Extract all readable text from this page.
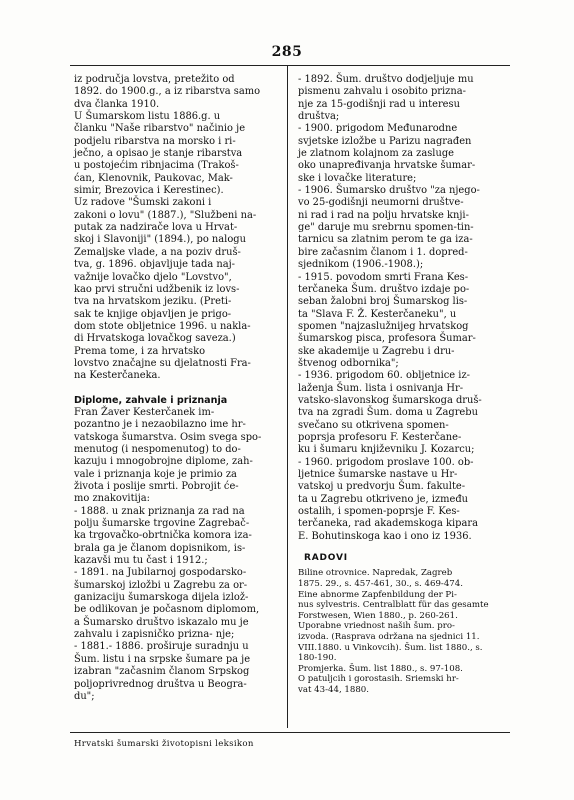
285
iz područja lovstva, pretežito od
1892. do 1900.g., a iz ribarstva samo
dva članka 1910.
U Šumarskom listu 1886.g. u
članku "Naše ribarstvo" načinio je
podjelu ribarstva na morsko i ri-
ječno, a opisao je stanje ribarstva
u postojećim ribnjacima (Trakoš-
ćan, Klenovnik, Paukovac, Mak-
simir, Brezovica i Kerestinec).
Uz radove "Šumski zakoni i
zakoni o lovu" (1887.), "Službeni na-
putak za nadzirače lova u Hrvat-
skoj i Slavoniji" (1894.), po nalogu
Zemaljske vlade, a na poziv druš-
tva, g. 1896. objavljuje tada naj-
važnije lovačko djelo "Lovstvo",
kao prvi stručni udžbenik iz lovs-
tva na hrvatskom jeziku. (Preti-
sak te knjige objavljen je prigo-
dom stote obljetnice 1996. u nakla-
di Hrvatskoga lovačkog saveza.)
Prema tome, i za hrvatsko
lovstvo značajne su djelatnosti Fra-
na Kesterčaneka.
Diplome, zahvale i priznanja
Fran Žaver Kesterčanek im-
pozantno je i nezaobilazno ime hr-
vatskoga šumarstva. Osim svega spo-
menutog (i nespomenutog) to do-
kazuju i mnogobrojne diplome, zah-
vale i priznanja koje je primio za
života i poslije smrti. Pobrojit će-
mo znakovitija:
- 1888. u znak priznanja za rad na
polju šumarske trgovine Zagrebač-
ka trgovačko-obrtnička komora iza-
brala ga je članom dopisnikom, is-
kazavši mu tu čast i 1912.;
- 1891. na Jubilarnoj gospodarsko-
šumarskoj izložbi u Zagrebu za or-
ganizaciju šumarskoga dijela izlož-
be odlikovan je počasnom diplomom,
a Šumarsko društvo iskazalo mu je
zahvalu i zapisničko prizna- nje;
- 1881.- 1886. proširuje suradnju u
Šum. listu i na srpske šumare pa je
izabran "začasnim članom Srpskog
poljoprivrednog društva u Beogra-
du";
- 1892. Šum. društvo dodjeljuje mu
pismenu zahvalu i osobito prizna-
nje za 15-godišnji rad u interesu
društva;
- 1900. prigodom Međunarodne
svjetske izložbe u Parizu nagrađen
je zlatnom kolajnom za zasluge
oko unapređivanja hrvatske šumar-
ske i lovačke literature;
- 1906. Šumarsko društvo "za njego-
vo 25-godišnji neumorni društve-
ni rad i rad na polju hrvatske knji-
ge" daruje mu srebrnu spomen-tin-
tarnicu sa zlatnim perom te ga iza-
bire začasnim članom i 1. dopred-
sjednikom (1906.-1908.);
- 1915. povodom smrti Frana Kes-
terčaneka Šum. društvo izdaje po-
seban žalobni broj Šumarskog lis-
ta "Slava F. Ž. Kesterčaneku", u
spomen "najzaslužnijeg hrvatskog
šumarskog pisca, profesora Šumar-
ske akademije u Zagrebu i dru-
štvenog odbornika";
- 1936. prigodom 60. obljetnice iz-
laženja Šum. lista i osnivanja Hr-
vatsko-slavonskog šumarskoga druš-
tva na zgradi Šum. doma u Zagrebu
svečano su otkrivena spomen-
poprsja profesoru F. Kesterčane-
ku i šumaru književniku J. Kozarcu;
- 1960. prigodom proslave 100. ob-
ljetnice šumarske nastave u Hr-
vatskoj u predvorju Šum. fakulte-
ta u Zagrebu otkriveno je, između
ostalih, i spomen-poprsje F. Kes-
terčaneka, rad akademskoga kipara
E. Bohutinskoga kao i ono iz 1936.
RADOVI
Biline otrovnice. Napredak, Zagreb
1875. 29., s. 457-461, 30., s. 469-474.
Eine abnorme Zapfenbildung der Pi-
nus sylvestris. Centralblatt für das gesamte
Forstwesen, Wien 1880., p. 260-261.
Uporabne vriednost naših šum. pro-
izvoda. (Rasprava održana na sjednici 11.
VIII.1880. u Vinkovcih). Šum. list 1880., s.
180-190.
Promjerka. Šum. list 1880., s. 97-108.
O patuljcih i gorostasih. Sriemski hr-
vat 43-44, 1880.
Hrvatski šumarski životopisni leksikon
